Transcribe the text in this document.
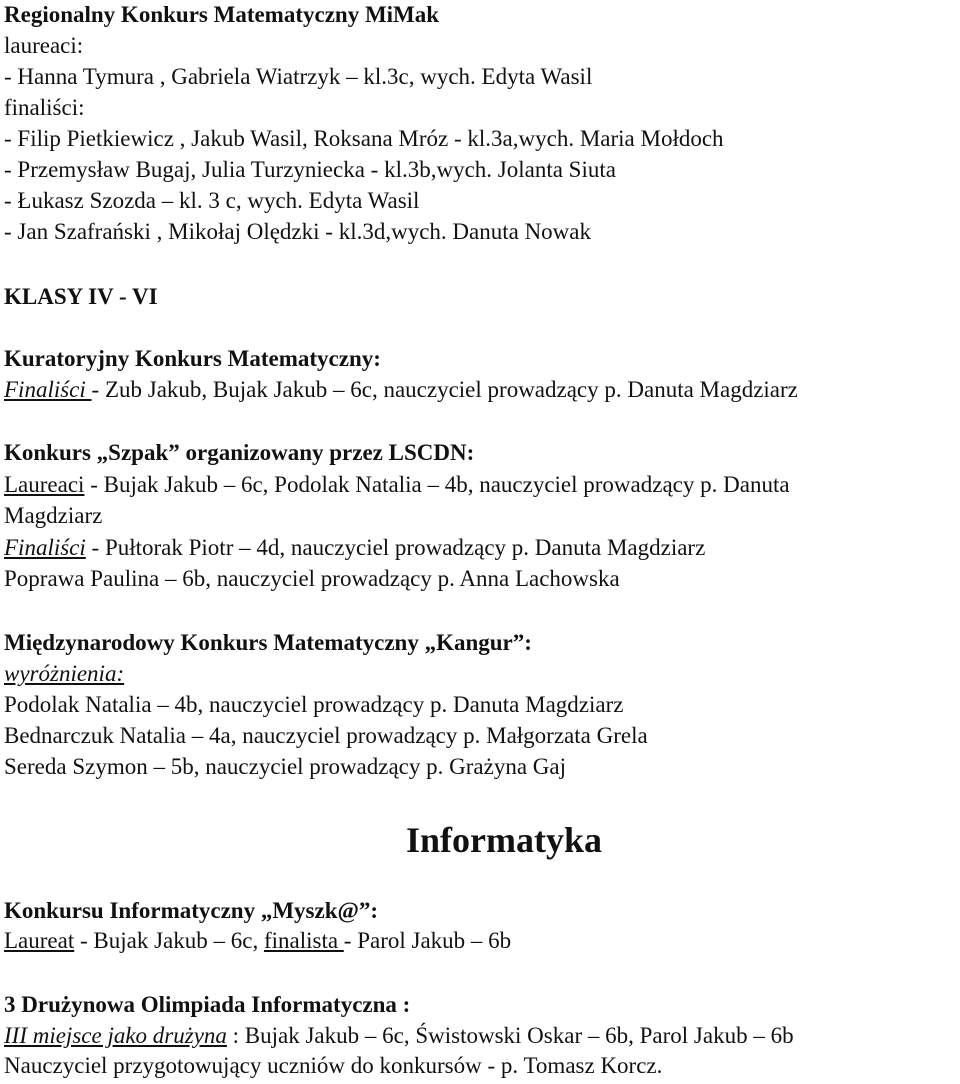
Regionalny Konkurs Matematyczny MiMak
laureaci:
- Hanna Tymura , Gabriela Wiatrzyk – kl.3c, wych. Edyta Wasil
finaliści:
- Filip Pietkiewicz , Jakub Wasil, Roksana Mróz - kl.3a,wych. Maria Mołdoch
- Przemysław Bugaj, Julia Turzyniecka - kl.3b,wych. Jolanta Siuta
- Łukasz Szozda – kl. 3 c, wych. Edyta Wasil
- Jan Szafrański , Mikołaj Olędzki - kl.3d,wych. Danuta Nowak
KLASY IV - VI
Kuratoryjny Konkurs Matematyczny:
Finaliści - Zub Jakub, Bujak Jakub – 6c, nauczyciel prowadzący p. Danuta Magdziarz
Konkurs „Szpak” organizowany przez LSCDN:
Laureaci - Bujak Jakub – 6c, Podolak Natalia – 4b, nauczyciel prowadzący p. Danuta
Magdziarz
Finaliści - Pułtorak Piotr – 4d, nauczyciel prowadzący p. Danuta Magdziarz
Poprawa Paulina – 6b, nauczyciel prowadzący p. Anna Lachowska
Międzynarodowy Konkurs Matematyczny „Kangur”:
wyróżnienia:
Podolak Natalia – 4b, nauczyciel prowadzący p. Danuta Magdziarz
Bednarczuk Natalia – 4a, nauczyciel prowadzący p. Małgorzata Grela
Sereda Szymon – 5b, nauczyciel prowadzący p. Grażyna Gaj
Informatyka
Konkursu Informatyczny „Myszk@”:
Laureat - Bujak Jakub – 6c, finalista - Parol Jakub – 6b
3 Drużynowa Olimpiada Informatyczna :
III miejsce jako drużyna : Bujak Jakub – 6c, Świstowski Oskar – 6b, Parol Jakub – 6b
Nauczyciel przygotowujący uczniów do konkursów - p. Tomasz Korcz.
